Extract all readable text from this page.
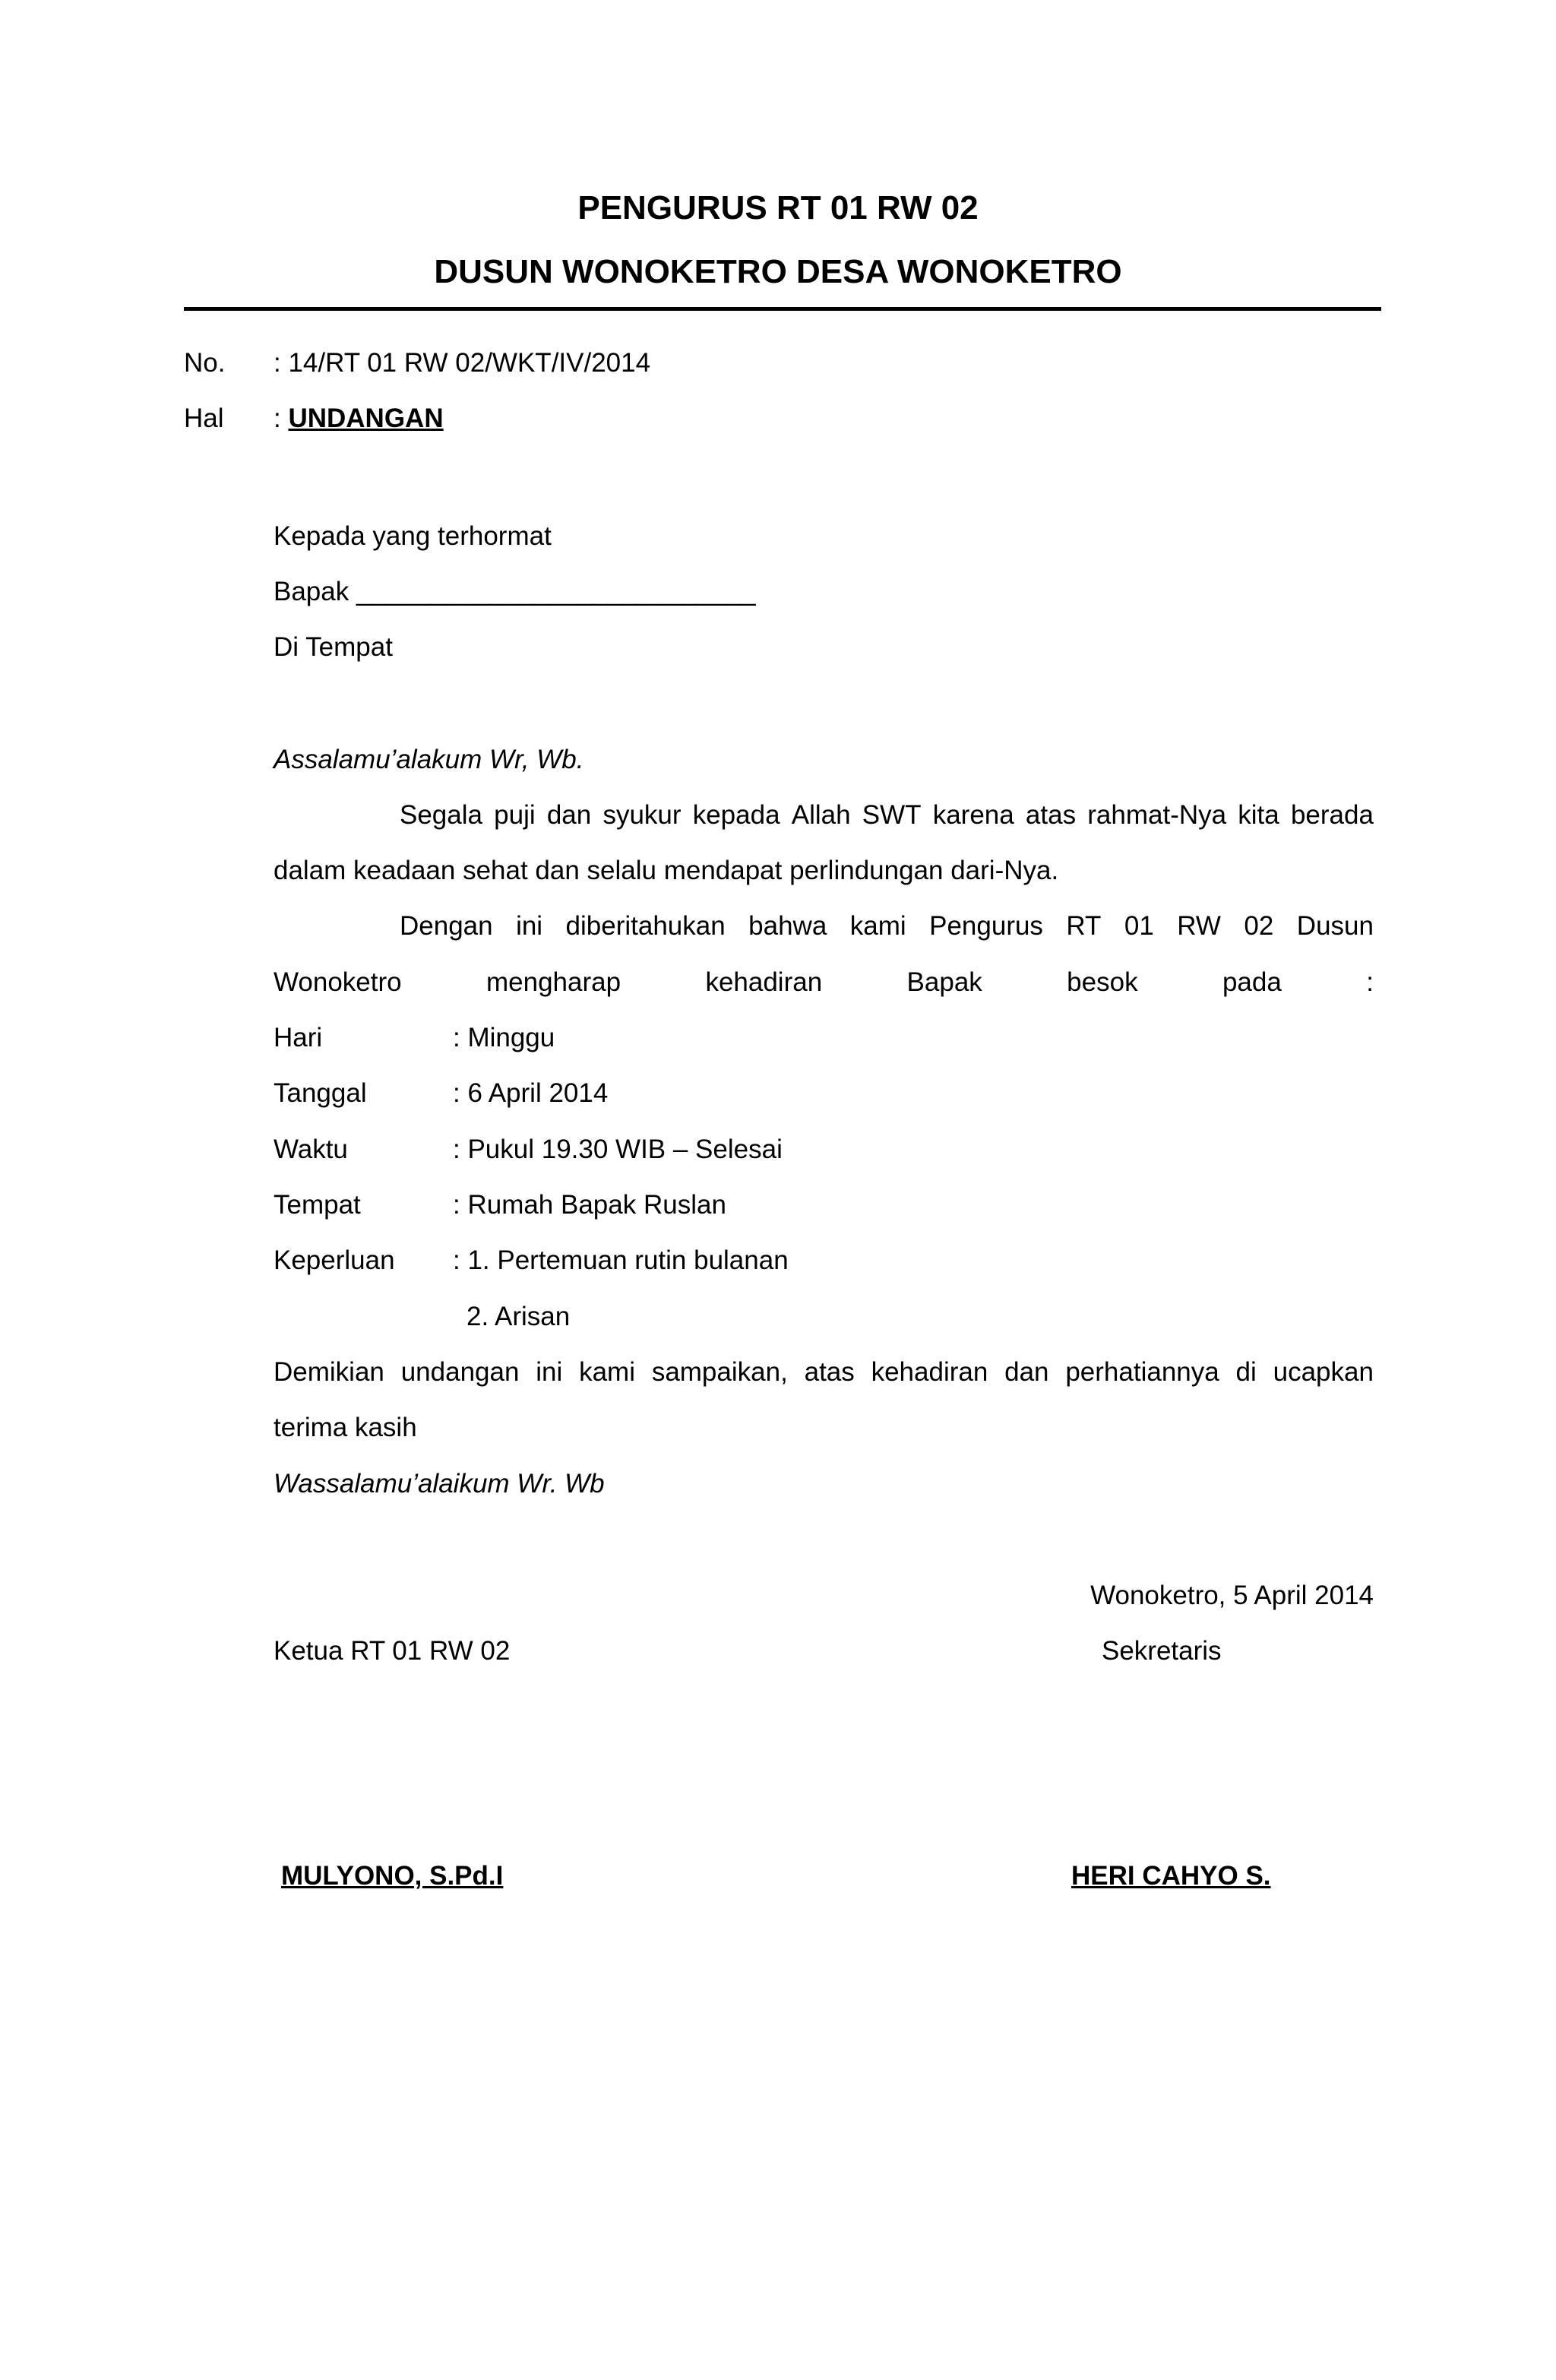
PENGURUS RT 01 RW 02
DUSUN WONOKETRO DESA WONOKETRO
No. : 14/RT 01 RW 02/WKT/IV/2014
Hal : UNDANGAN
Kepada yang terhormat
Bapak ___________________________
Di Tempat
Assalamu’alakum Wr, Wb.
Segala puji dan syukur kepada Allah SWT karena atas rahmat-Nya kita berada
dalam keadaan sehat dan selalu mendapat perlindungan dari-Nya.
Dengan ini diberitahukan bahwa kami Pengurus RT 01 RW 02 Dusun
Wonoketro	mengharap	kehadiran	Bapak	besok	pada	:
Hari	: Minggu
Tanggal	: 6 April 2014
Waktu	: Pukul 19.30 WIB – Selesai
Tempat	: Rumah Bapak Ruslan
Keperluan : 1. Pertemuan rutin bulanan
2. Arisan
Demikian undangan ini kami sampaikan, atas kehadiran dan perhatiannya di ucapkan
terima kasih
Wassalamu’alaikum Wr. Wb
Wonoketro, 5 April 2014
Ketua RT 01 RW 02	Sekretaris
MULYONO, S.Pd.I	HERI CAHYO S.
